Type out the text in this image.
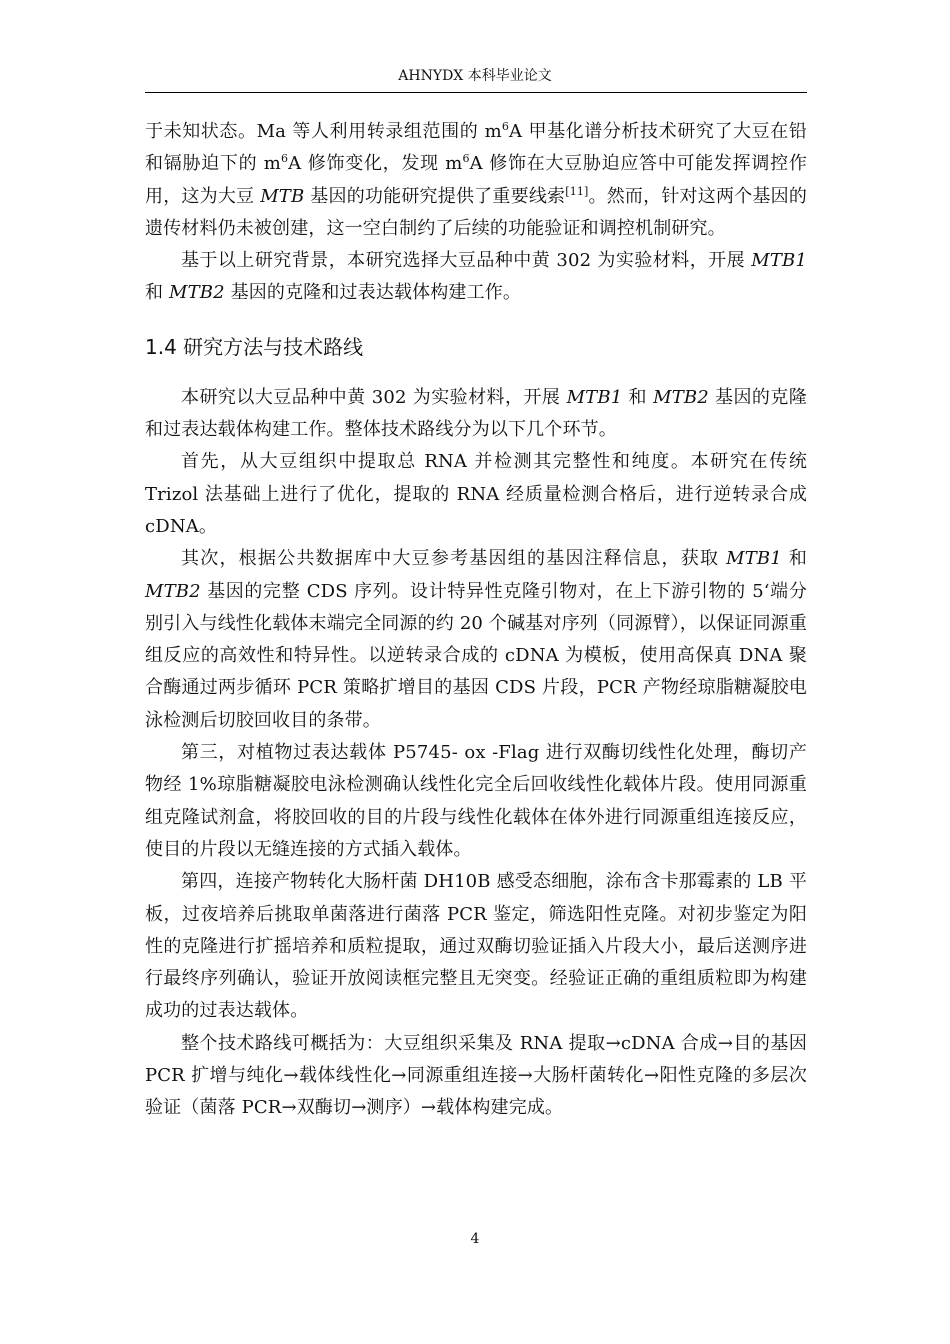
AHNYDX 本科毕业论文

于未知状态。Ma 等人利用转录组范围的 $m^6A$ 甲基化谱分析技术研究了大豆在铅和镉胁迫下的 $m^6A$ 修饰变化，发现 $m^6A$ 修饰在大豆胁迫应答中可能发挥调控作用，这为大豆 MTB 基因的功能研究提供了重要线索[11]。然而，针对这两个基因的遗传材料仍未被创建，这一空白制约了后续的功能验证和调控机制研究。

基于以上研究背景，本研究选择大豆品种中黄 302 为实验材料，开展 MTB1 和 MTB2 基因的克隆和过表达载体构建工作。

1.4 研究方法与技术路线

本研究以大豆品种中黄 302 为实验材料，开展 MTB1 和 MTB2 基因的克隆和过表达载体构建工作。整体技术路线分为以下几个环节。

首先，从大豆组织中提取总 RNA 并检测其完整性和纯度。本研究在传统 Trizol 法基础上进行了优化，提取的 RNA 经质量检测合格后，进行逆转录合成 cDNA。

其次，根据公共数据库中大豆参考基因组的基因注释信息，获取 MTB1 和 MTB2 基因的完整 CDS 序列。设计特异性克隆引物对，在上下游引物的 5‘端分别引入与线性化载体末端完全同源的约 20 个碱基对序列（同源臂），以保证同源重组反应的高效性和特异性。以逆转录合成的 cDNA 为模板，使用高保真 DNA 聚合酶通过两步循环 PCR 策略扩增目的基因 CDS 片段，PCR 产物经琼脂糖凝胶电泳检测后切胶回收目的条带。

第三，对植物过表达载体 P5745- ox -Flag 进行双酶切线性化处理，酶切产物经 1%琼脂糖凝胶电泳检测确认线性化完全后回收线性化载体片段。使用同源重组克隆试剂盒，将胶回收的目的片段与线性化载体在体外进行同源重组连接反应，使目的片段以无缝连接的方式插入载体。

第四，连接产物转化大肠杆菌 DH10B 感受态细胞，涂布含卡那霉素的 LB 平板，过夜培养后挑取单菌落进行菌落 PCR 鉴定，筛选阳性克隆。对初步鉴定为阳性的克隆进行扩摇培养和质粒提取，通过双酶切验证插入片段大小，最后送测序进行最终序列确认，验证开放阅读框完整且无突变。经验证正确的重组质粒即为构建成功的过表达载体。

整个技术路线可概括为：大豆组织采集及 RNA 提取→cDNA 合成→目的基因 PCR 扩增与纯化→载体线性化→同源重组连接→大肠杆菌转化→阳性克隆的多层次验证（菌落 PCR→双酶切→测序）→载体构建完成。

4
